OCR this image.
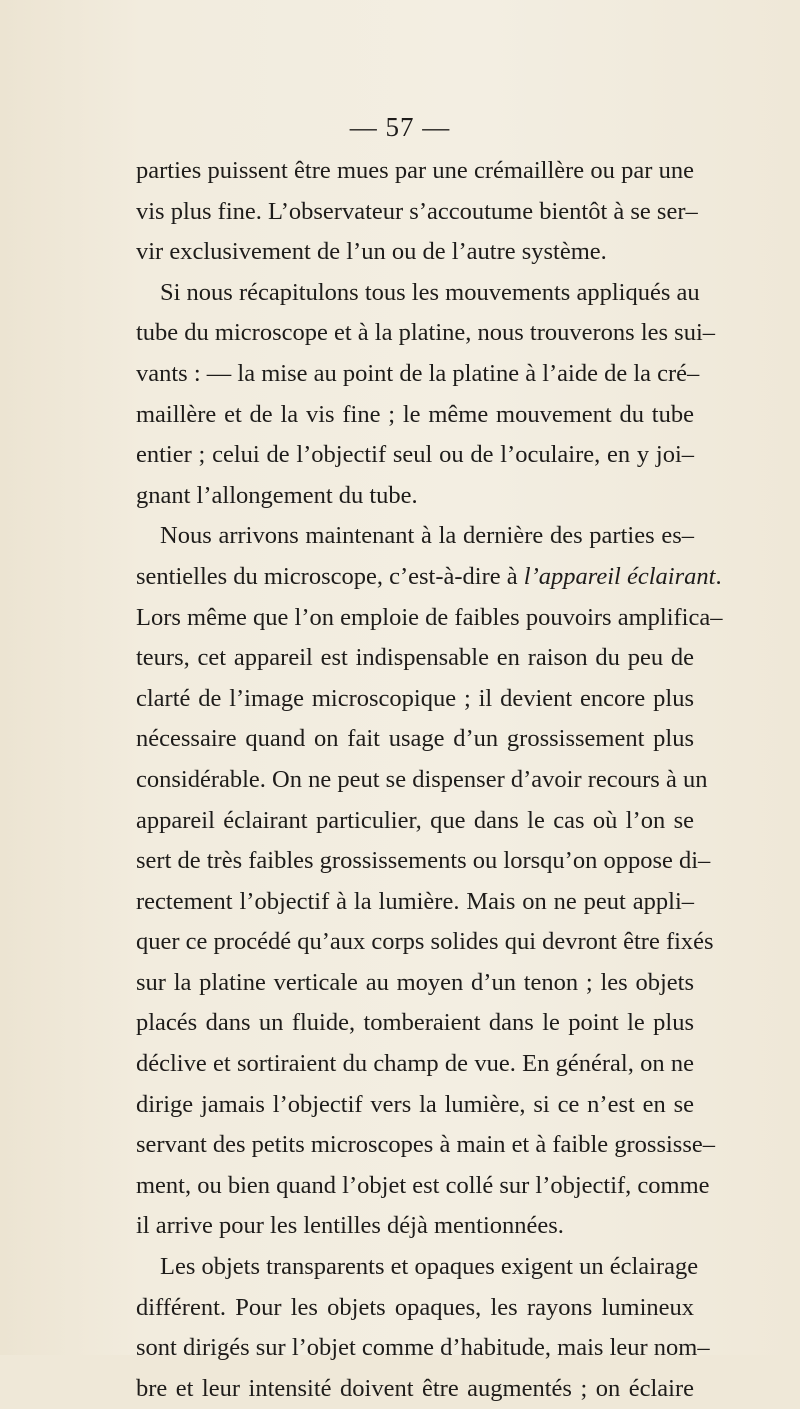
— 57 —
parties puissent être mues par une crémaillère ou par une
vis plus fine. L’observateur s’accoutume bientôt à se ser–
vir exclusivement de l’un ou de l’autre système.
Si nous récapitulons tous les mouvements appliqués au
tube du microscope et à la platine, nous trouverons les sui–
vants : — la mise au point de la platine à l’aide de la cré–
maillère et de la vis fine ; le même mouvement du tube
entier ; celui de l’objectif seul ou de l’oculaire, en y joi–
gnant l’allongement du tube.
Nous arrivons maintenant à la dernière des parties es–
sentielles du microscope, c’est-à-dire à l’appareil éclairant.
Lors même que l’on emploie de faibles pouvoirs amplifica–
teurs, cet appareil est indispensable en raison du peu de
clarté de l’image microscopique ; il devient encore plus
nécessaire quand on fait usage d’un grossissement plus
considérable. On ne peut se dispenser d’avoir recours à un
appareil éclairant particulier, que dans le cas où l’on se
sert de très faibles grossissements ou lorsqu’on oppose di–
rectement l’objectif à la lumière. Mais on ne peut appli–
quer ce procédé qu’aux corps solides qui devront être fixés
sur la platine verticale au moyen d’un tenon ; les objets
placés dans un fluide, tomberaient dans le point le plus
déclive et sortiraient du champ de vue. En général, on ne
dirige jamais l’objectif vers la lumière, si ce n’est en se
servant des petits microscopes à main et à faible grossisse–
ment, ou bien quand l’objet est collé sur l’objectif, comme
il arrive pour les lentilles déjà mentionnées.
Les objets transparents et opaques exigent un éclairage
différent. Pour les objets opaques, les rayons lumineux
sont dirigés sur l’objet comme d’habitude, mais leur nom–
bre et leur intensité doivent être augmentés ; on éclaire
